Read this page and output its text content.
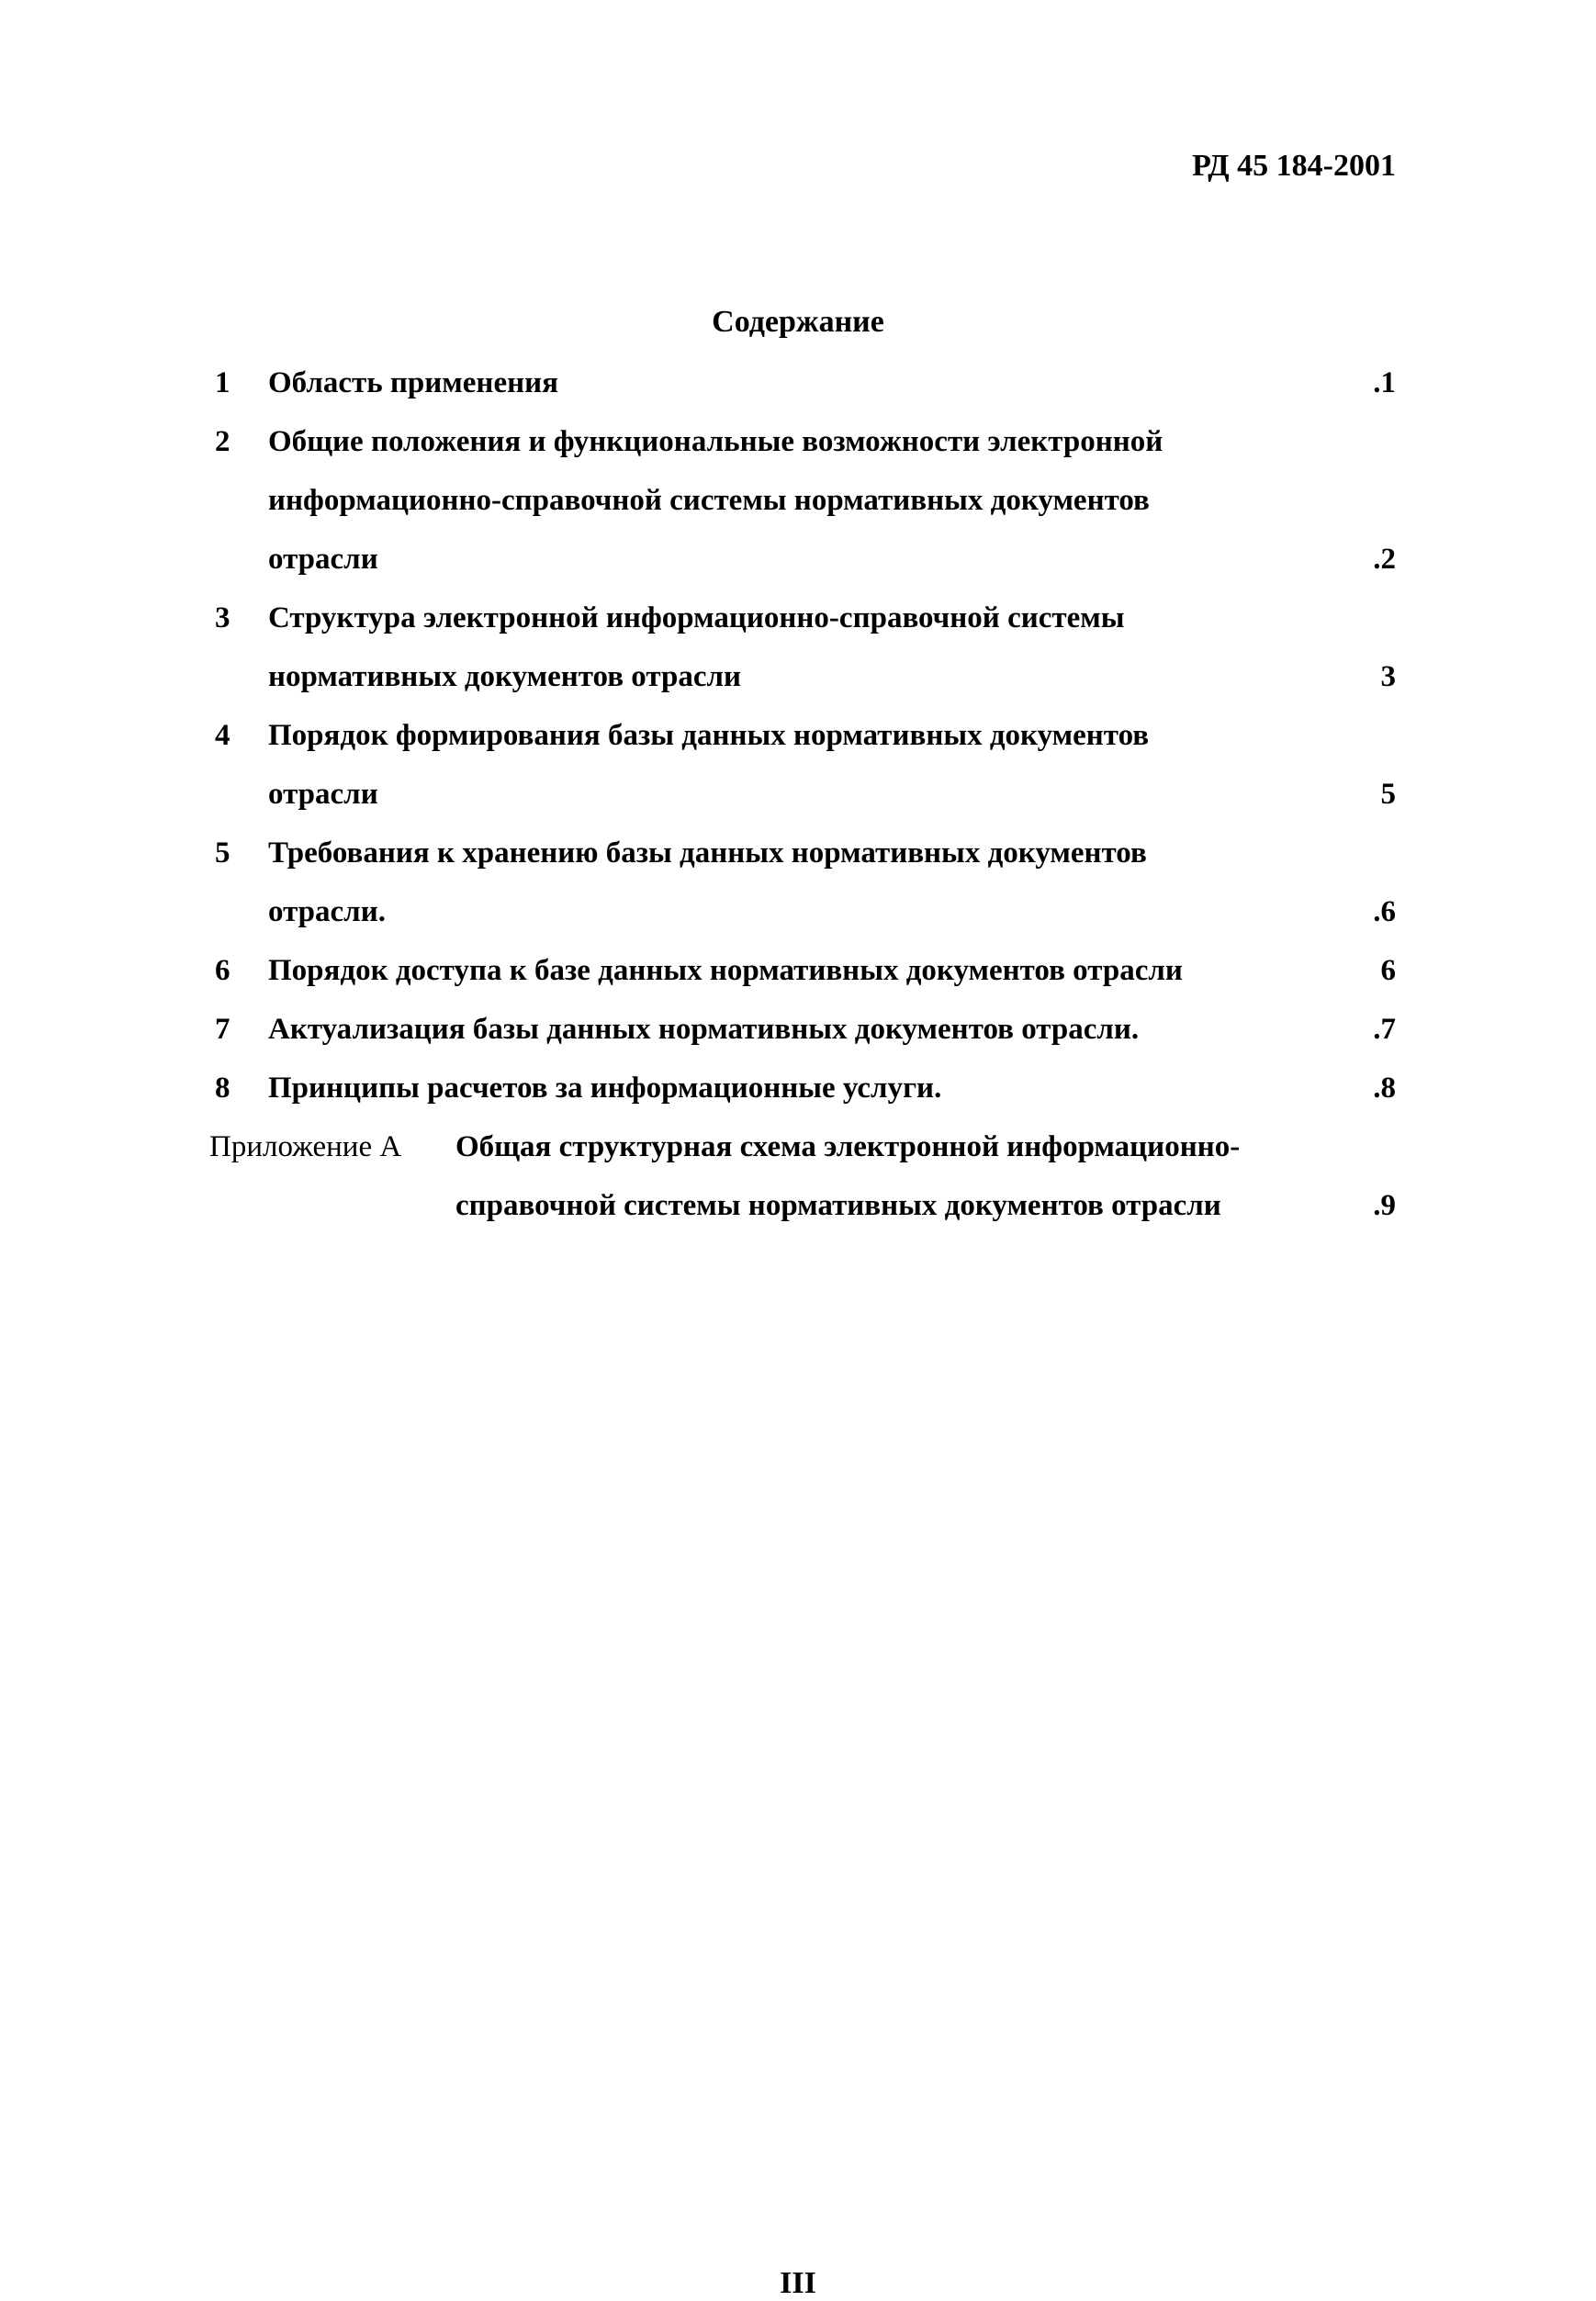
РД 45 184-2001
Содержание
1 Область применения	.1
2 Общие положения и функциональные возможности электронной
информационно-справочной системы нормативных документов
отрасли	.2
3 Структура электронной информационно-справочной системы
нормативных документов отрасли	3
4 Порядок формирования базы данных нормативных документов
отрасли	5
5 Требования к хранению базы данных нормативных документов
отрасли.	.6
6 Порядок доступа к базе данных нормативных документов отрасли	6
7 Актуализация базы данных нормативных документов отрасли.	.7
8 Принципы расчетов за информационные услуги.	.8
Приложение А Общая структурная схема электронной информационно-
справочной системы нормативных документов отрасли	.9
III
